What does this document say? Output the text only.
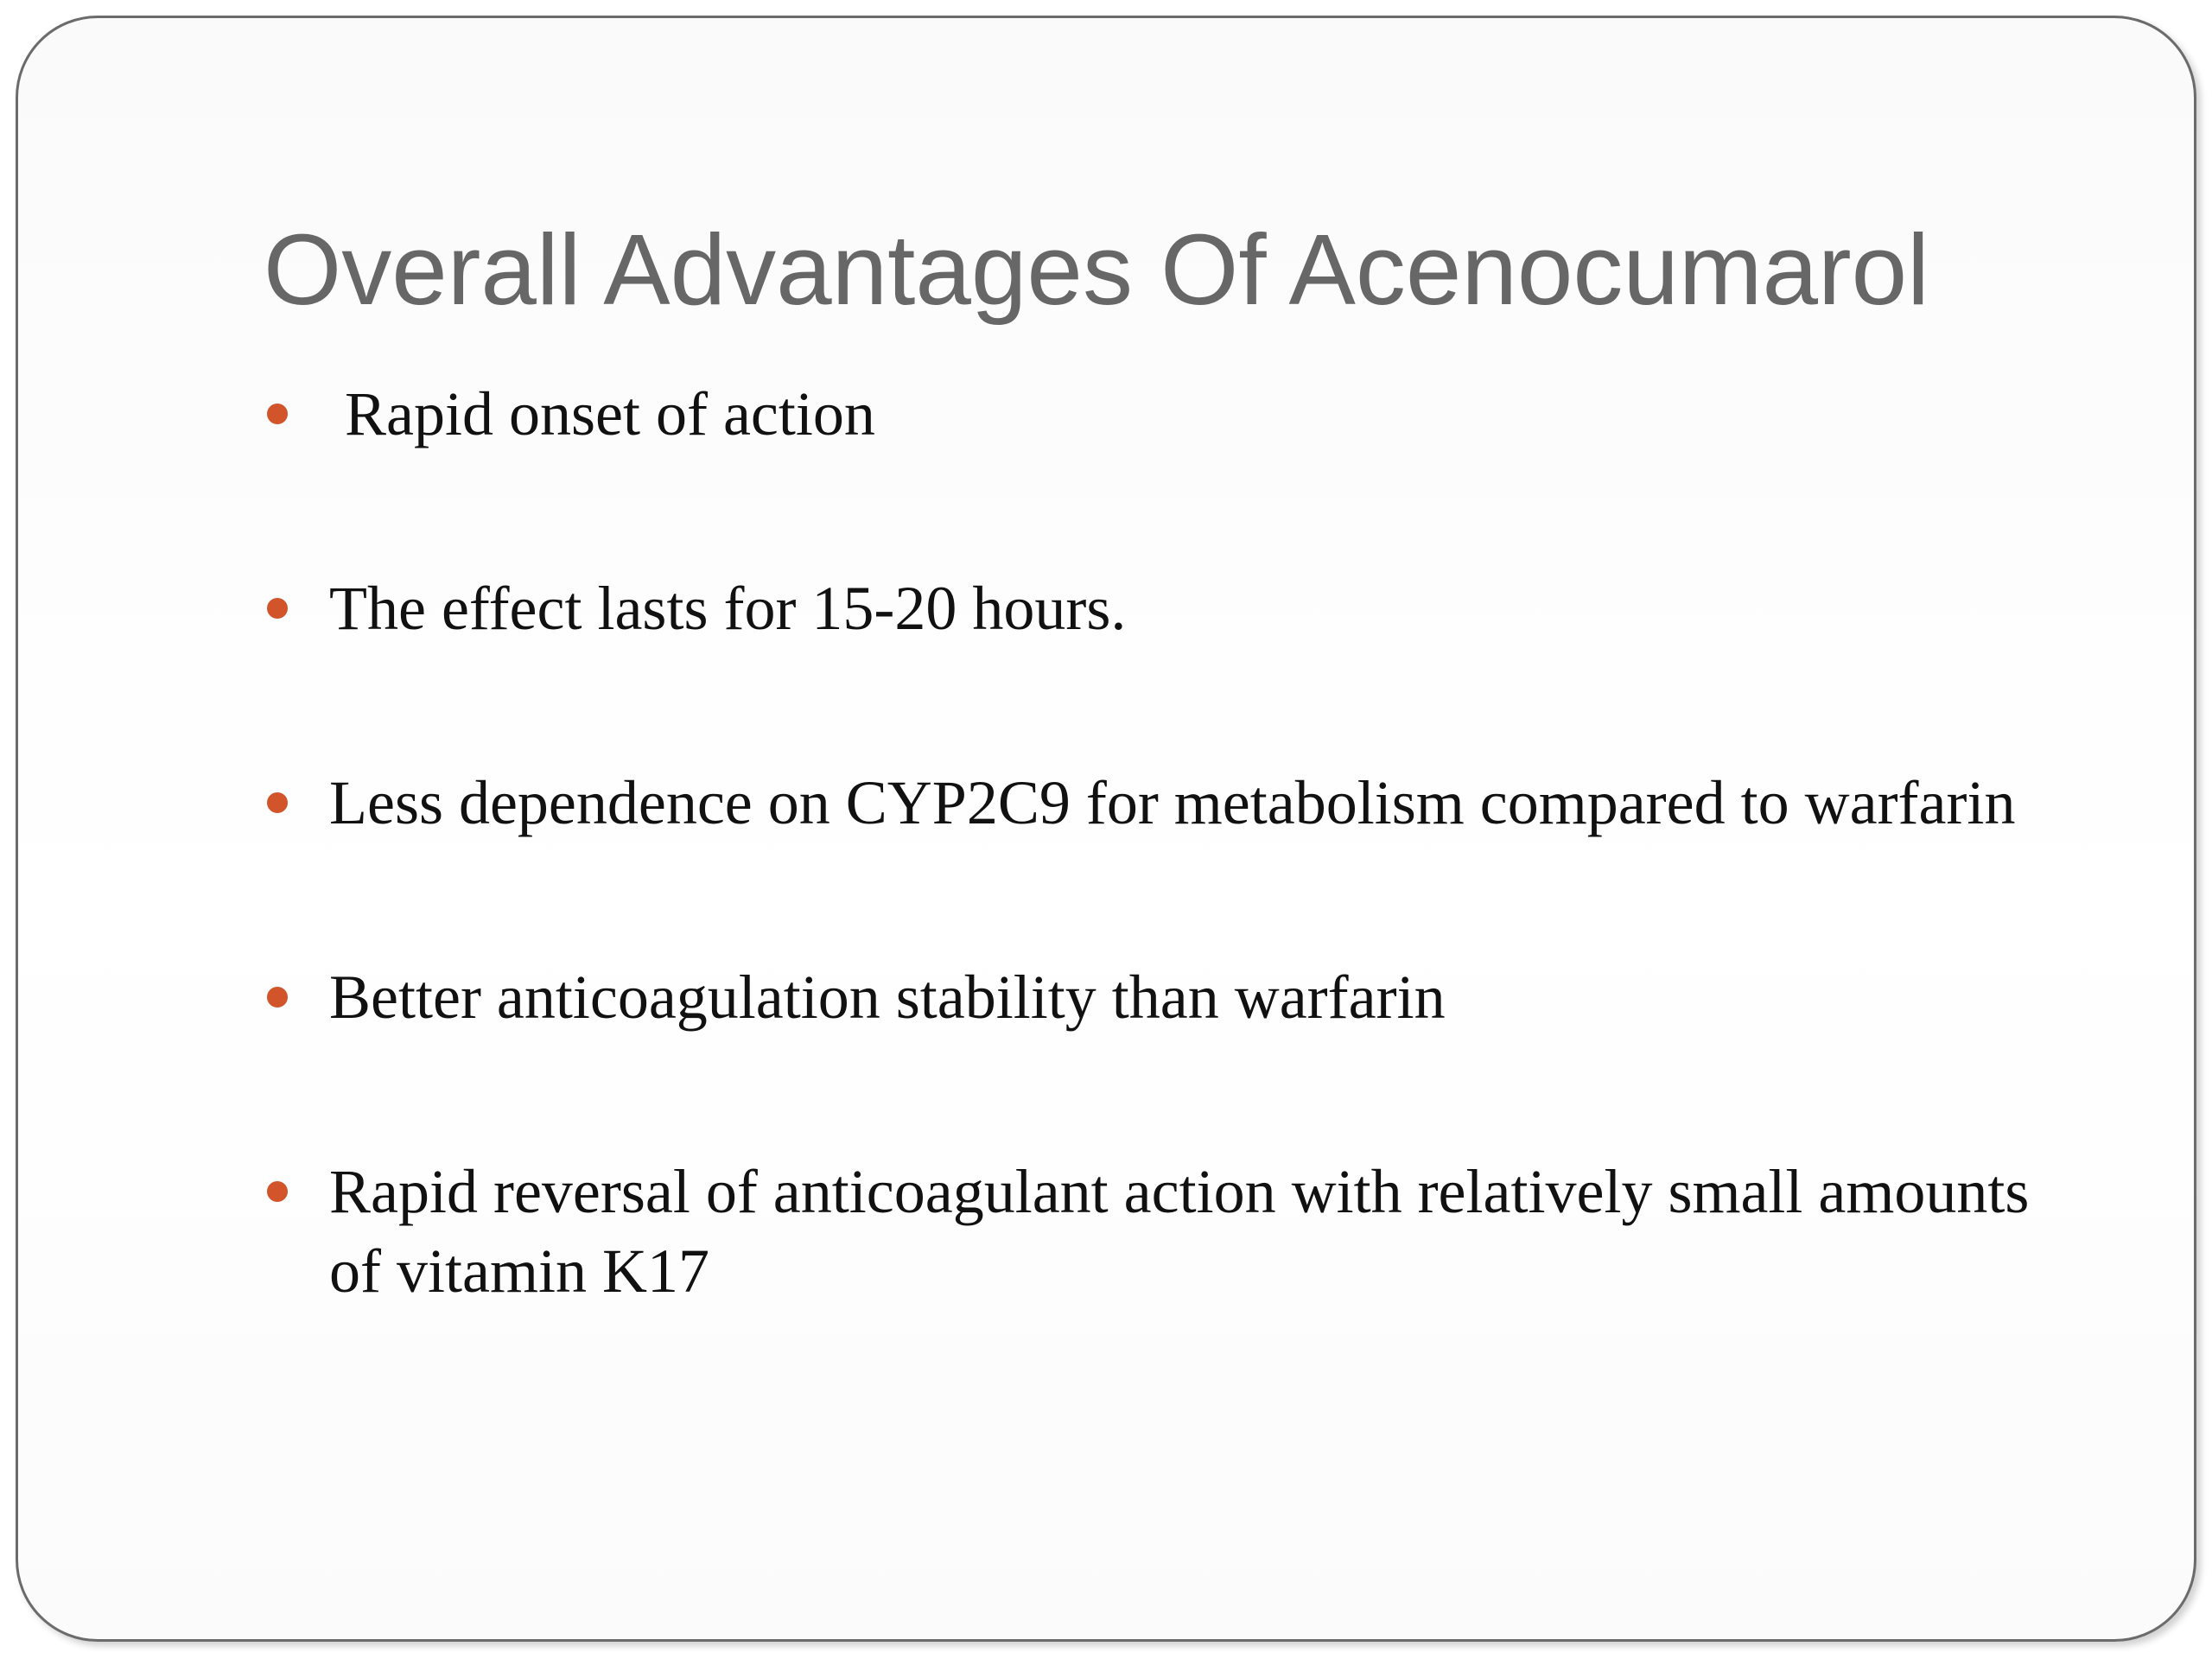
Overall Advantages Of Acenocumarol
Rapid onset of action
The effect lasts for 15-20 hours.
Less dependence on CYP2C9 for metabolism compared to warfarin
Better anticoagulation stability than warfarin
Rapid reversal of anticoagulant action with relatively small amounts of vitamin K17
